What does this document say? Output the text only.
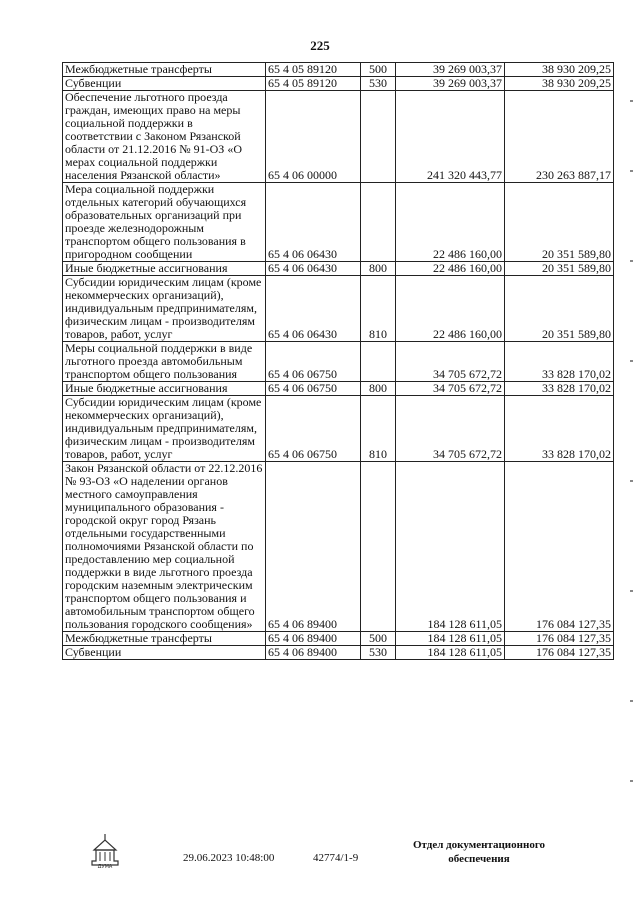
225
Межбюджетные трансферты	65 4 05 89120	500	39 269 003,37	38 930 209,25
Субвенции	65 4 05 89120	530	39 269 003,37	38 930 209,25
Обеспечение льготного проезда граждан, имеющих право на меры социальной поддержки в соответствии с Законом Рязанской области от 21.12.2016 № 91-ОЗ «О мерах социальной поддержки населения Рязанской области»	65 4 06 00000		241 320 443,77	230 263 887,17
Мера социальной поддержки отдельных категорий обучающихся образовательных организаций при проезде железнодорожным транспортом общего пользования в пригородном сообщении	65 4 06 06430		22 486 160,00	20 351 589,80
Иные бюджетные ассигнования	65 4 06 06430	800	22 486 160,00	20 351 589,80
Субсидии юридическим лицам (кроме некоммерческих организаций), индивидуальным предпринимателям, физическим лицам - производителям товаров, работ, услуг	65 4 06 06430	810	22 486 160,00	20 351 589,80
Меры социальной поддержки в виде льготного проезда автомобильным транспортом общего пользования	65 4 06 06750		34 705 672,72	33 828 170,02
Иные бюджетные ассигнования	65 4 06 06750	800	34 705 672,72	33 828 170,02
Субсидии юридическим лицам (кроме некоммерческих организаций), индивидуальным предпринимателям, физическим лицам - производителям товаров, работ, услуг	65 4 06 06750	810	34 705 672,72	33 828 170,02
Закон Рязанской области от 22.12.2016 № 93-ОЗ «О наделении органов местного самоуправления муниципального образования - городской округ город Рязань отдельными государственными полномочиями Рязанской области по предоставлению мер социальной поддержки в виде льготного проезда городским наземным электрическим транспортом общего пользования и автомобильным транспортом общего пользования городского сообщения»	65 4 06 89400		184 128 611,05	176 084 127,35
Межбюджетные трансферты	65 4 06 89400	500	184 128 611,05	176 084 127,35
Субвенции	65 4 06 89400	530	184 128 611,05	176 084 127,35
ДУМА
29.06.2023 10:48:00	42774/1-9
Отдел документационного
обеспечения
